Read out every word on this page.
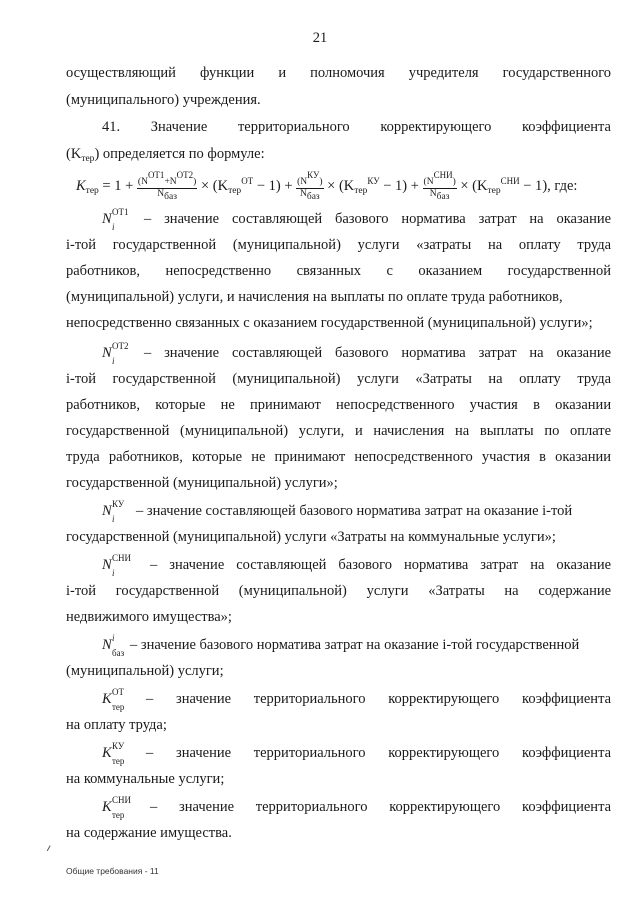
21
осуществляющий функции и полномочия учредителя государственного
(муниципального) учреждения.
41. Значение территориального корректирующего коэффициента
$(K_{тер})$ определяется по формуле:
$K_{тер} = 1 + \frac{\text{(NОТ1+NОТ2)}}{\text{Nбаз}} \times (K_{тер}^{ОТ} - 1) + \frac{\text{(NКУ)}}{\text{Nбаз}} \times (K_{тер}^{КУ} - 1) + \frac{\text{(NСНИ)}}{\text{Nбаз}} \times (K_{тер}^{СНИ} - 1)$, где:
N ОТ1
i – значение составляющей базового норматива затрат на оказание
i-той государственной (муниципальной) услуги «затраты на оплату труда
работников, непосредственно связанных с оказанием государственной
(муниципальной) услуги, и начисления на выплаты по оплате труда работников,
непосредственно связанных с оказанием государственной (муниципальной) услуги»;
N ОТ2
i – значение составляющей базового норматива затрат на оказание
i-той государственной (муниципальной) услуги «Затраты на оплату труда
работников, которые не принимают непосредственного участия в оказании
государственной (муниципальной) услуги, и начисления на выплаты по оплате
труда работников, которые не принимают непосредственного участия в оказании
государственной (муниципальной) услуги»;
N КУ
i – значение составляющей базового норматива затрат на оказание i-той
государственной (муниципальной) услуги «Затраты на коммунальные услуги»;
N СНИ
i – значение составляющей базового норматива затрат на оказание
i-той государственной (муниципальной) услуги «Затраты на содержание
недвижимого имущества»;
N i
баз – значение базового норматива затрат на оказание i-той государственной
(муниципальной) услуги;
K ОТ
тер – значение территориального корректирующего коэффициента
на оплату труда;
K КУ
тер – значение территориального корректирующего коэффициента
на коммунальные услуги;
K СНИ
тер – значение территориального корректирующего коэффициента
на содержание имущества.
Общие требования - 11
